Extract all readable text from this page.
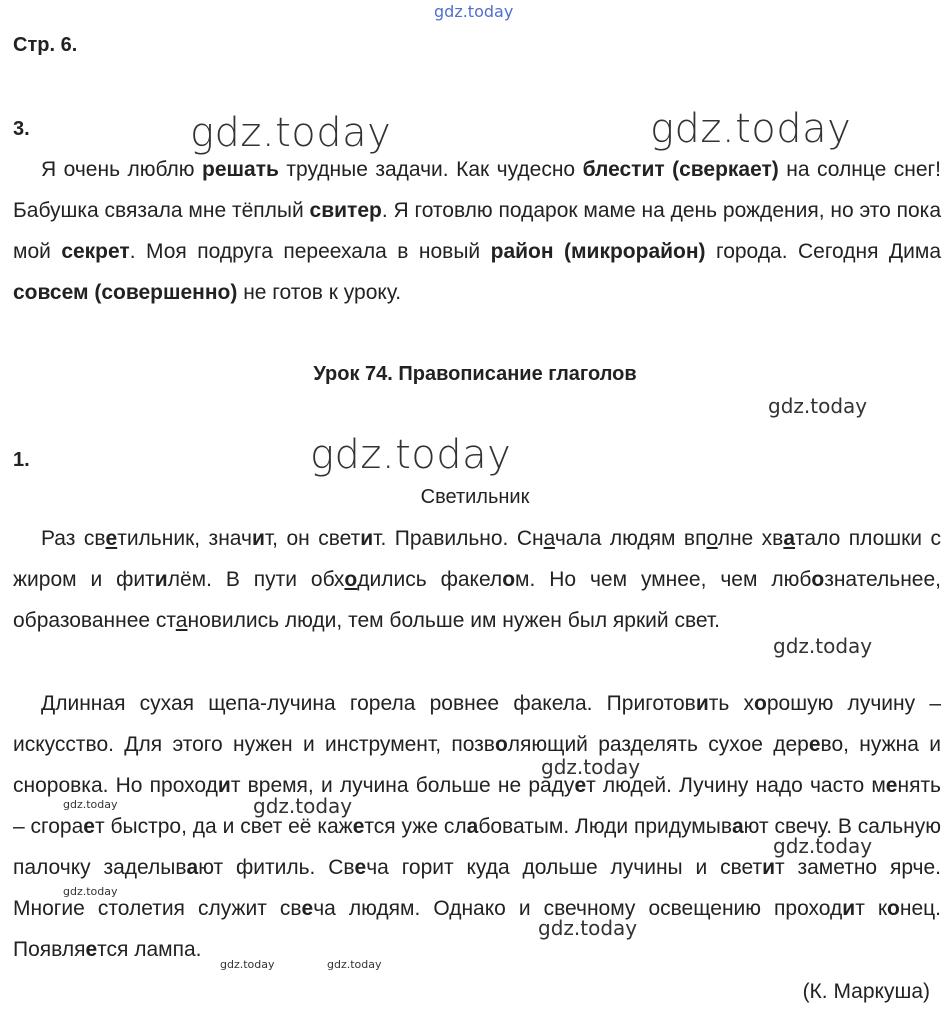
gdz.today
Стр. 6.
3.

Я очень люблю решать трудные задачи. Как чудесно блестит (сверкает) на солнце снег! Бабушка связала мне тёплый свитер. Я готовлю подарок маме на день рождения, но это пока мой секрет. Моя подруга переехала в новый район (микрорайон) города. Сегодня Дима совсем (совершенно) не готов к уроку.

Урок 74. Правописание глаголов
1.
Светильник

Раз светильник, значит, он светит. Правильно. Сначала людям вполне хватало плошки с жиром и фитилём. В пути обходились факелом. Но чем умнее, чем любознательнее, образованнее становились люди, тем больше им нужен был яркий свет.

Длинная сухая щепа-лучина горела ровнее факела. Приготовить хорошую лучину – искусство. Для этого нужен и инструмент, позволяющий разделять сухое дерево, нужна и сноровка. Но проходит время, и лучина больше не радует людей. Лучину надо часто менять – сгорает быстро, да и свет её кажется уже слабоватым. Люди придумывают свечу. В сальную палочку заделывают фитиль. Свеча горит куда дольше лучины и светит заметно ярче. Многие столетия служит свеча людям. Однако и свечному освещению проходит конец. Появляется лампа.

(К. Маркуша)
gdz.today	gdz.today
gdz.today
gdz.today
gdz.today
gdz.today
gdz.today	gdz.today
gdz.today
gdz.today
gdz.today
gdz.today	gdz.today
